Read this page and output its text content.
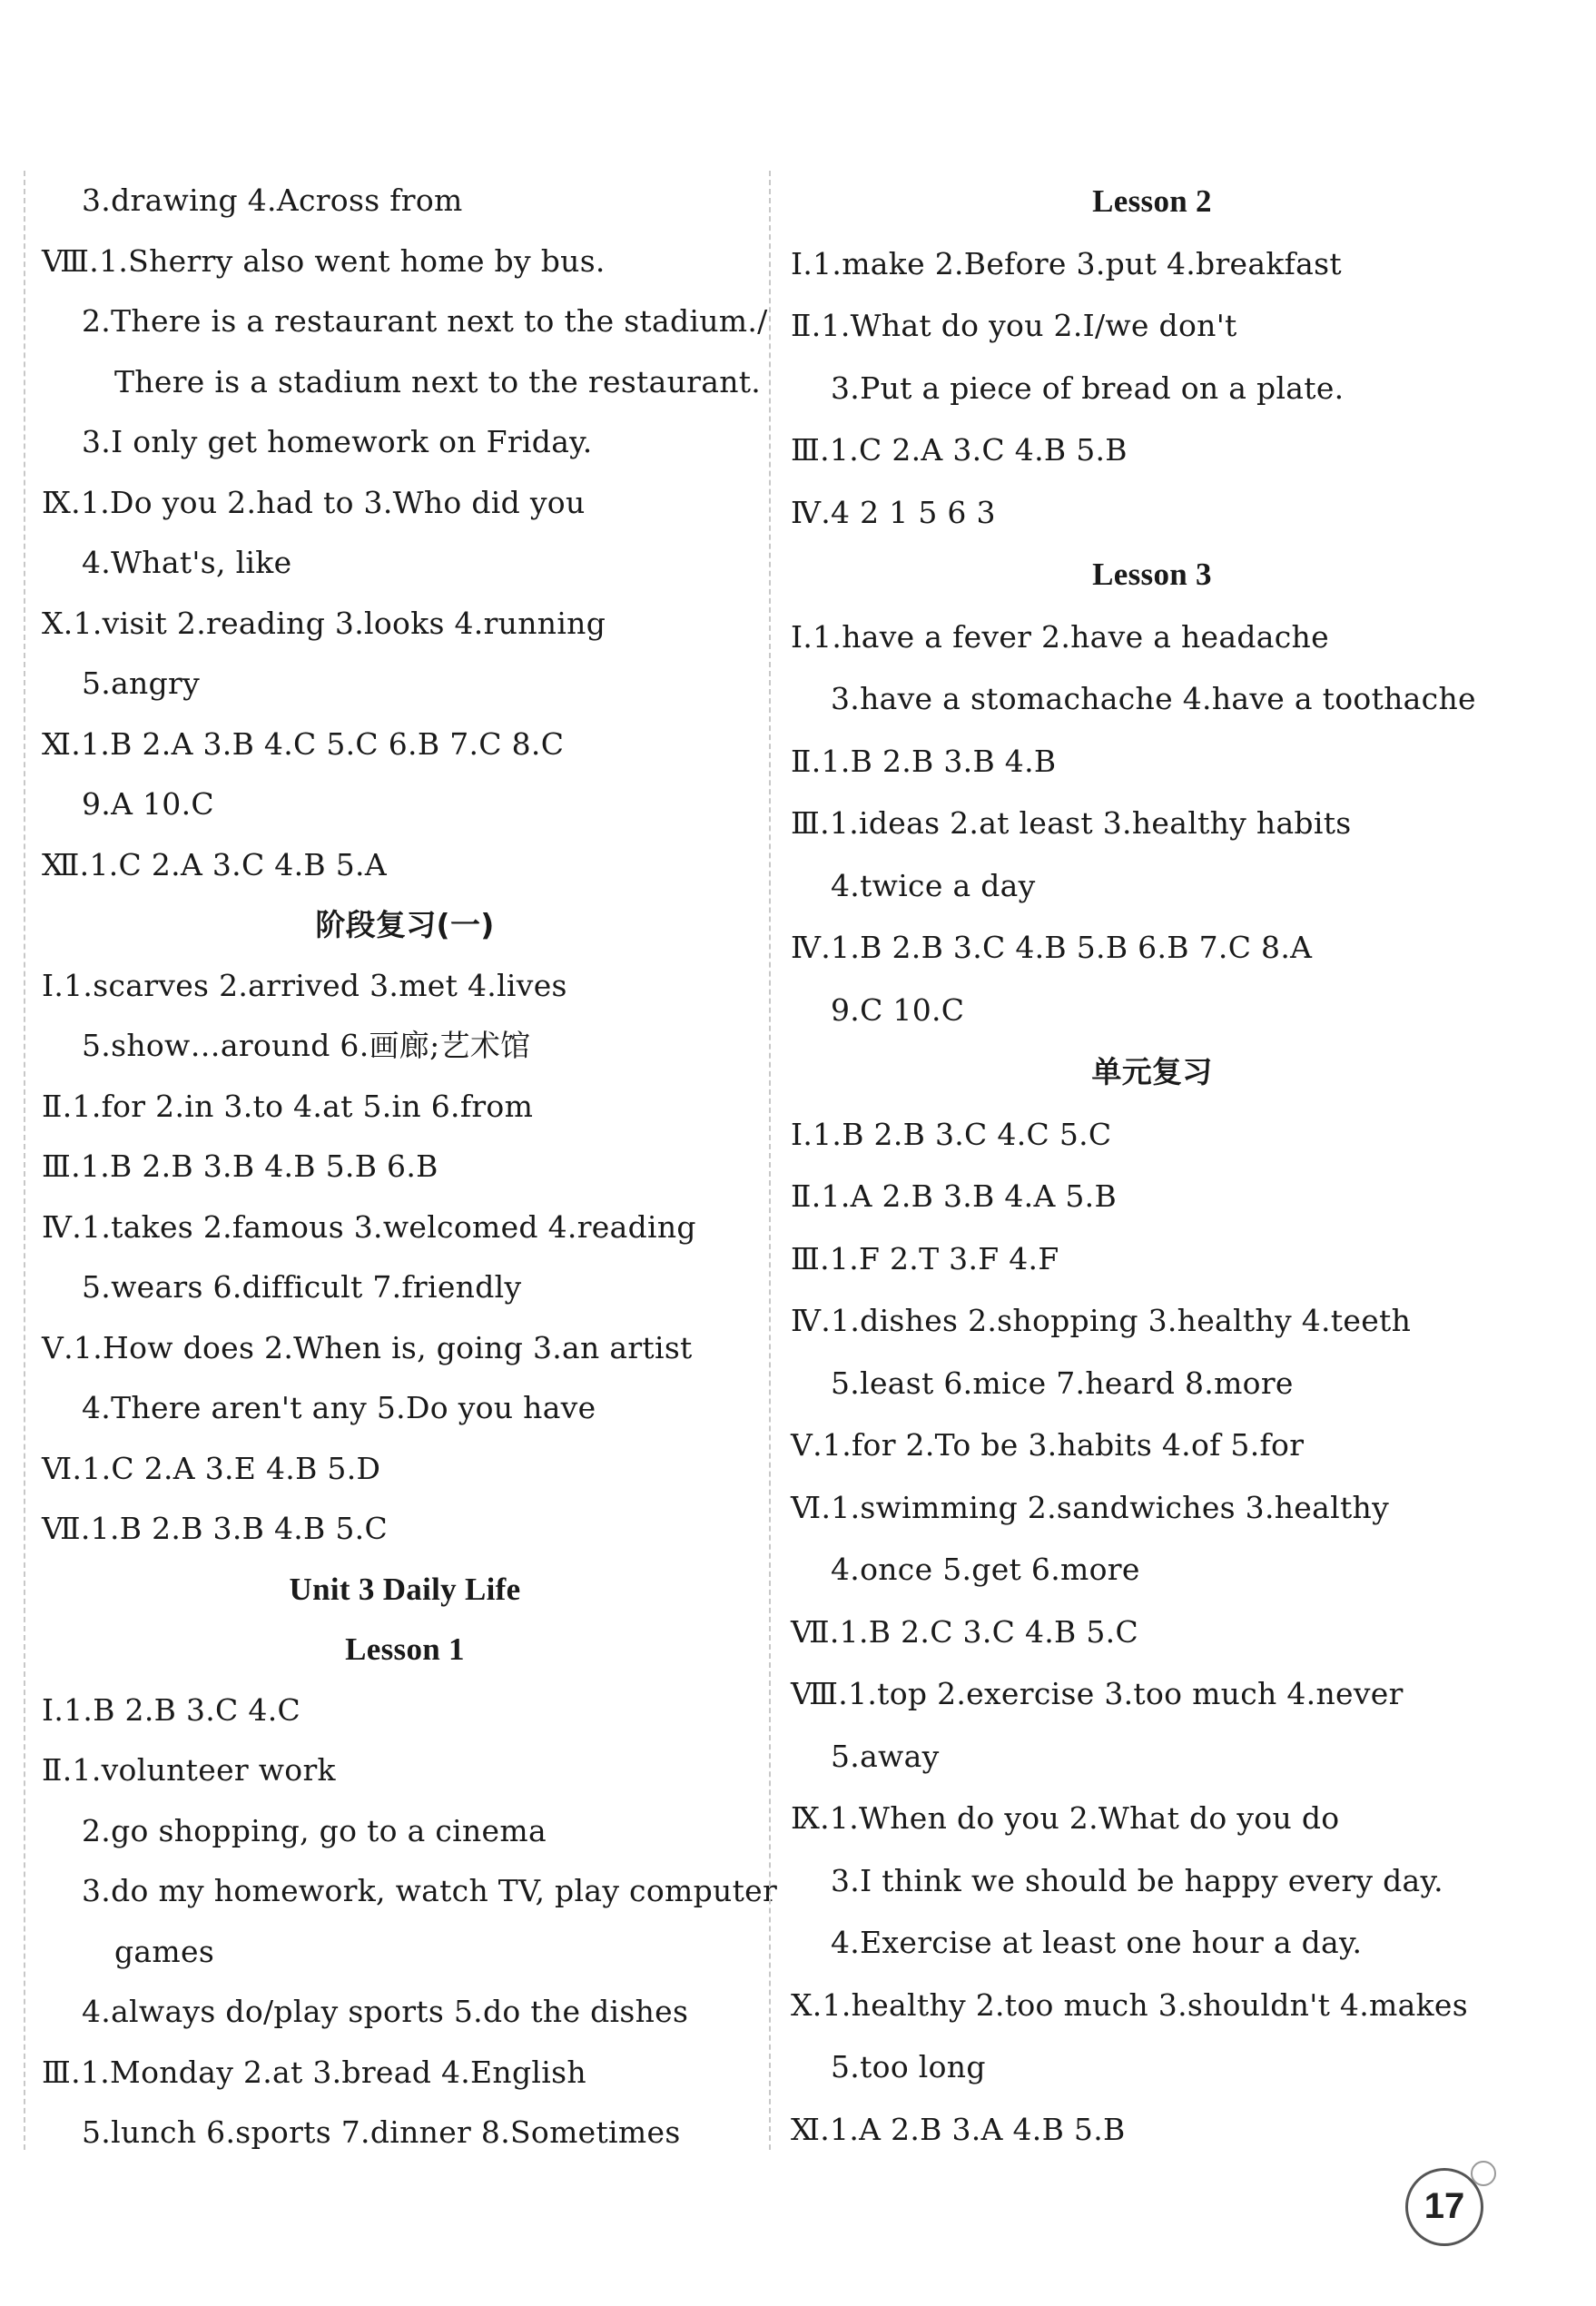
3.drawing 4.Across from
Ⅷ.1.Sherry also went home by bus.
2.There is a restaurant next to the stadium./
There is a stadium next to the restaurant.
3.I only get homework on Friday.
Ⅸ.1.Do you 2.had to 3.Who did you
4.What's, like
Ⅹ.1.visit 2.reading 3.looks 4.running
5.angry
Ⅺ.1.B 2.A 3.B 4.C 5.C 6.B 7.C 8.C
9.A 10.C
Ⅻ.1.C 2.A 3.C 4.B 5.A
阶段复习(一)
Ⅰ.1.scarves 2.arrived 3.met 4.lives
5.show…around 6.画廊;艺术馆
Ⅱ.1.for 2.in 3.to 4.at 5.in 6.from
Ⅲ.1.B 2.B 3.B 4.B 5.B 6.B
Ⅳ.1.takes 2.famous 3.welcomed 4.reading
5.wears 6.difficult 7.friendly
Ⅴ.1.How does 2.When is, going 3.an artist
4.There aren't any 5.Do you have
Ⅵ.1.C 2.A 3.E 4.B 5.D
Ⅶ.1.B 2.B 3.B 4.B 5.C
Unit 3 Daily Life
Lesson 1
Ⅰ.1.B 2.B 3.C 4.C
Ⅱ.1.volunteer work
2.go shopping, go to a cinema
3.do my homework, watch TV, play computer
games
4.always do/play sports 5.do the dishes
Ⅲ.1.Monday 2.at 3.bread 4.English
5.lunch 6.sports 7.dinner 8.Sometimes
Lesson 2
Ⅰ.1.make 2.Before 3.put 4.breakfast
Ⅱ.1.What do you 2.I/we don't
3.Put a piece of bread on a plate.
Ⅲ.1.C 2.A 3.C 4.B 5.B
Ⅳ.4 2 1 5 6 3
Lesson 3
Ⅰ.1.have a fever 2.have a headache
3.have a stomachache 4.have a toothache
Ⅱ.1.B 2.B 3.B 4.B
Ⅲ.1.ideas 2.at least 3.healthy habits
4.twice a day
Ⅳ.1.B 2.B 3.C 4.B 5.B 6.B 7.C 8.A
9.C 10.C
单元复习
Ⅰ.1.B 2.B 3.C 4.C 5.C
Ⅱ.1.A 2.B 3.B 4.A 5.B
Ⅲ.1.F 2.T 3.F 4.F
Ⅳ.1.dishes 2.shopping 3.healthy 4.teeth
5.least 6.mice 7.heard 8.more
Ⅴ.1.for 2.To be 3.habits 4.of 5.for
Ⅵ.1.swimming 2.sandwiches 3.healthy
4.once 5.get 6.more
Ⅶ.1.B 2.C 3.C 4.B 5.C
Ⅷ.1.top 2.exercise 3.too much 4.never
5.away
Ⅸ.1.When do you 2.What do you do
3.I think we should be happy every day.
4.Exercise at least one hour a day.
Ⅹ.1.healthy 2.too much 3.shouldn't 4.makes
5.too long
Ⅺ.1.A 2.B 3.A 4.B 5.B
17
